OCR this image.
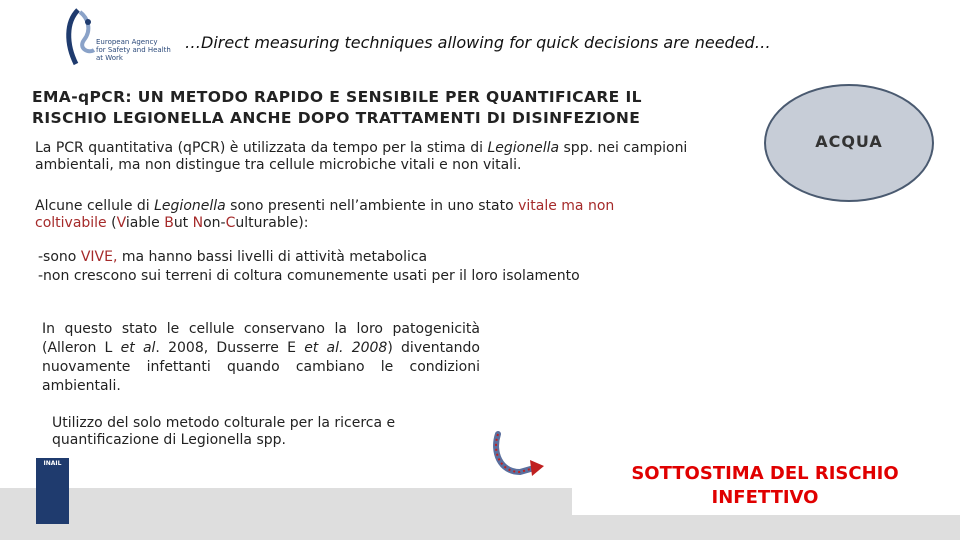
European Agency
for Safety and Health
at Work
…Direct measuring techniques allowing for quick decisions are needed…
EMA-qPCR: UN METODO RAPIDO E SENSIBILE PER QUANTIFICARE IL
RISCHIO LEGIONELLA ANCHE DOPO TRATTAMENTI DI DISINFEZIONE
ACQUA
La PCR quantitativa (qPCR) è utilizzata da tempo per la stima di Legionella spp. nei campioni ambientali, ma non distingue tra cellule microbiche vitali e non vitali.
Alcune cellule di Legionella sono presenti nell’ambiente in uno stato vitale ma non coltivabile (Viable But Non-Culturable):
-sono VIVE, ma hanno bassi livelli di attività metabolica
-non crescono sui terreni di coltura comunemente usati per il loro isolamento
In questo stato le cellule conservano la loro patogenicità (Alleron L et al. 2008, Dusserre E et al. 2008) diventando nuovamente infettanti quando cambiano le condizioni ambientali.
Utilizzo del solo metodo colturale per la ricerca e quantificazione di Legionella spp.
INAIL	SOTTOSTIMA DEL RISCHIO
INFETTIVO
